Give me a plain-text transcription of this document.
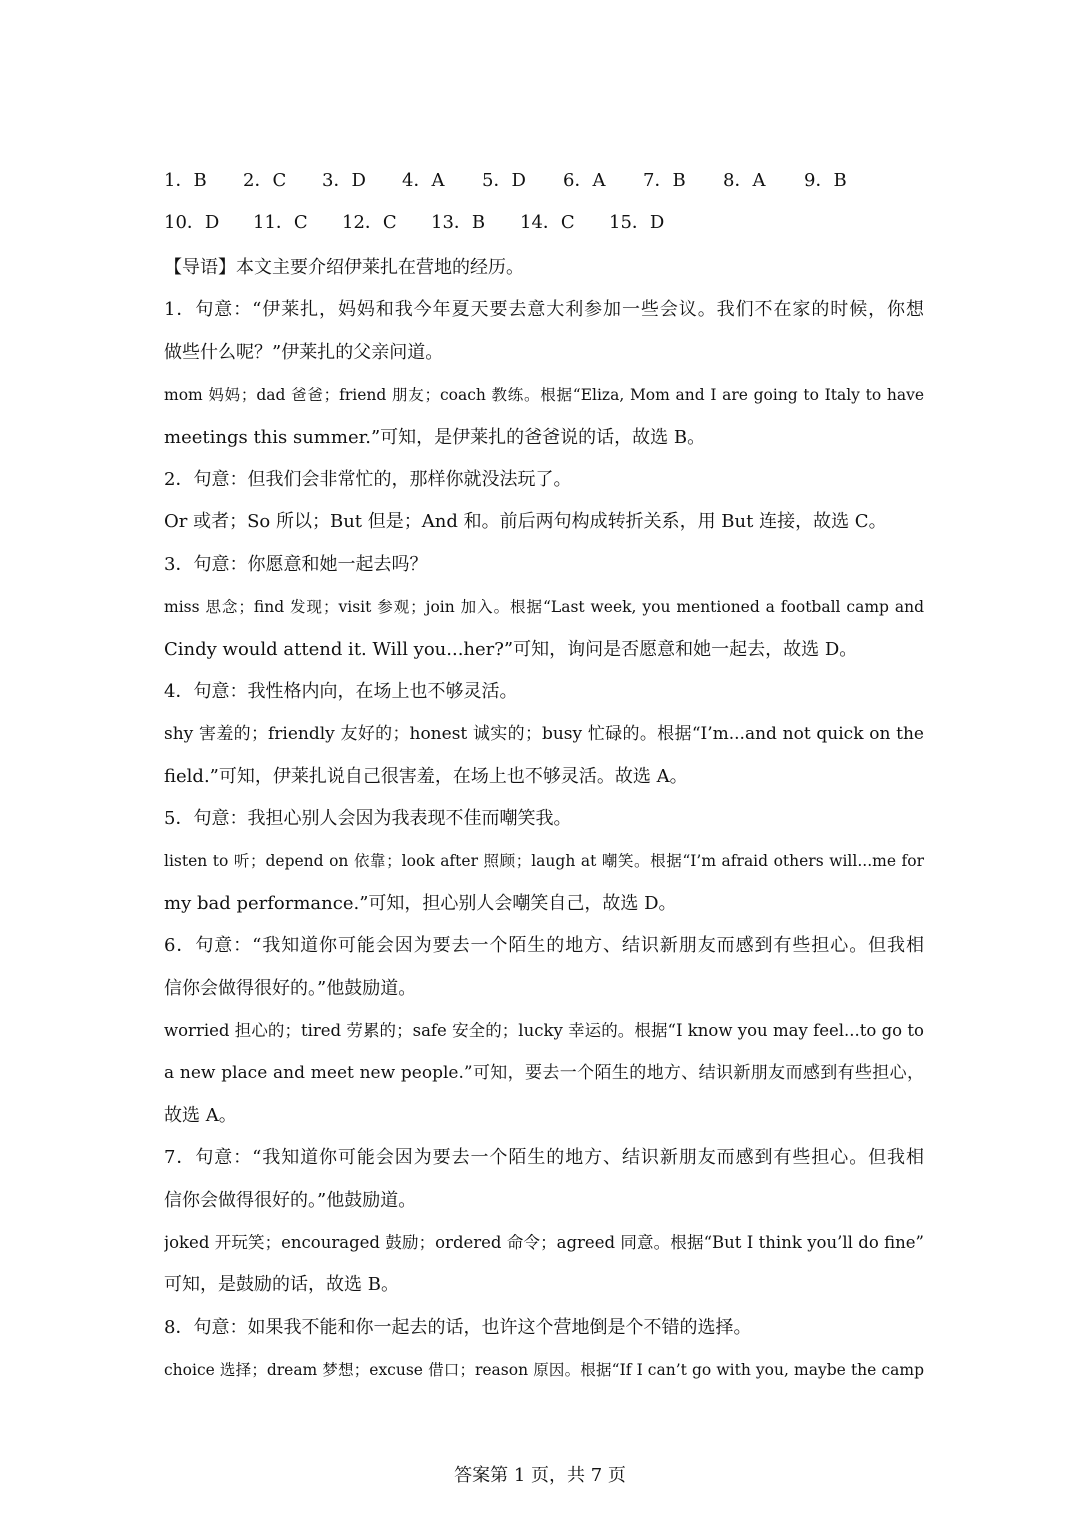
1．B 2．C 3．D 4．A 5．D 6．A 7．B 8．A 9．B
10．D 11．C 12．C 13．B 14．C 15．D
【导语】本文主要介绍伊莱扎在营地的经历。
1．句意：“伊莱扎，妈妈和我今年夏天要去意大利参加一些会议。我们不在家的时候，你想
做些什么呢？”伊莱扎的父亲问道。
mom 妈妈；dad 爸爸；friend 朋友；coach 教练。根据“Eliza, Mom and I are going to Italy to have
meetings this summer.”可知，是伊莱扎的爸爸说的话，故选 B。
2．句意：但我们会非常忙的，那样你就没法玩了。
Or 或者；So 所以；But 但是；And 和。前后两句构成转折关系，用 But 连接，故选 C。
3．句意：你愿意和她一起去吗？
miss 思念；find 发现；visit 参观；join 加入。根据“Last week, you mentioned a football camp and
Cindy would attend it. Will you...her?”可知，询问是否愿意和她一起去，故选 D。
4．句意：我性格内向，在场上也不够灵活。
shy 害羞的；friendly 友好的；honest 诚实的；busy 忙碌的。根据“I’m...and not quick on the
field.”可知，伊莱扎说自己很害羞，在场上也不够灵活。故选 A。
5．句意：我担心别人会因为我表现不佳而嘲笑我。
listen to 听；depend on 依靠；look after 照顾；laugh at 嘲笑。根据“I’m afraid others will...me for
my bad performance.”可知，担心别人会嘲笑自己，故选 D。
6．句意：“我知道你可能会因为要去一个陌生的地方、结识新朋友而感到有些担心。但我相
信你会做得很好的。”他鼓励道。
worried 担心的；tired 劳累的；safe 安全的；lucky 幸运的。根据“I know you may feel...to go to
a new place and meet new people.”可知，要去一个陌生的地方、结识新朋友而感到有些担心，
故选 A。
7．句意：“我知道你可能会因为要去一个陌生的地方、结识新朋友而感到有些担心。但我相
信你会做得很好的。”他鼓励道。
joked 开玩笑；encouraged 鼓励；ordered 命令；agreed 同意。根据“But I think you’ll do fine”
可知，是鼓励的话，故选 B。
8．句意：如果我不能和你一起去的话，也许这个营地倒是个不错的选择。
choice 选择；dream 梦想；excuse 借口；reason 原因。根据“If I can’t go with you, maybe the camp
答案第 1 页，共 7 页
